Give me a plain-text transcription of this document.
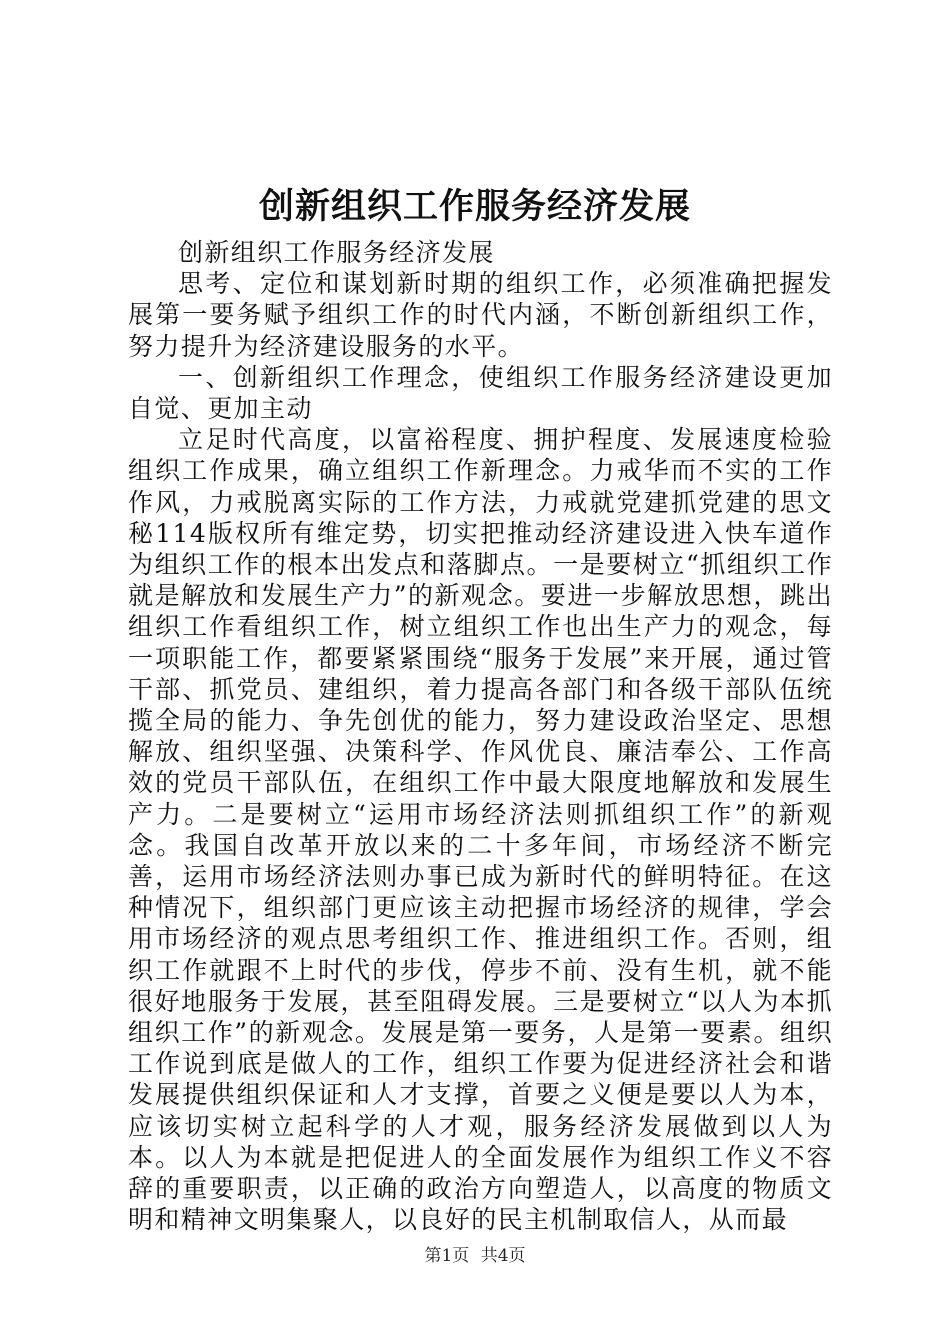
创新组织工作服务经济发展

创新组织工作服务经济发展

思考、定位和谋划新时期的组织工作，必须准确把握发展第一要务赋予组织工作的时代内涵，不断创新组织工作，努力提升为经济建设服务的水平。

一、创新组织工作理念，使组织工作服务经济建设更加自觉、更加主动

立足时代高度，以富裕程度、拥护程度、发展速度检验组织工作成果，确立组织工作新理念。力戒华而不实的工作作风，力戒脱离实际的工作方法，力戒就党建抓党建的思文秘114版权所有维定势，切实把推动经济建设进入快车道作为组织工作的根本出发点和落脚点。一是要树立“抓组织工作就是解放和发展生产力”的新观念。要进一步解放思想，跳出组织工作看组织工作，树立组织工作也出生产力的观念，每一项职能工作，都要紧紧围绕“服务于发展”来开展，通过管干部、抓党员、建组织，着力提高各部门和各级干部队伍统揽全局的能力、争先创优的能力，努力建设政治坚定、思想解放、组织坚强、决策科学、作风优良、廉洁奉公、工作高效的党员干部队伍，在组织工作中最大限度地解放和发展生产力。二是要树立“运用市场经济法则抓组织工作”的新观念。我国自改革开放以来的二十多年间，市场经济不断完善，运用市场经济法则办事已成为新时代的鲜明特征。在这种情况下，组织部门更应该主动把握市场经济的规律，学会用市场经济的观点思考组织工作、推进组织工作。否则，组织工作就跟不上时代的步伐，停步不前、没有生机，就不能很好地服务于发展，甚至阻碍发展。三是要树立“以人为本抓组织工作”的新观念。发展是第一要务，人是第一要素。组织工作说到底是做人的工作，组织工作要为促进经济社会和谐发展提供组织保证和人才支撑，首要之义便是要以人为本，应该切实树立起科学的人才观，服务经济发展做到以人为本。以人为本就是把促进人的全面发展作为组织工作义不容辞的重要职责，以正确的政治方向塑造人，以高度的物质文明和精神文明集聚人，以良好的民主机制取信人，从而最

第1页 共4页
